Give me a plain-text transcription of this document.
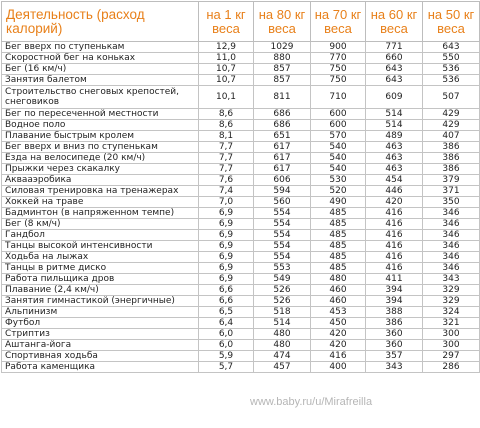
Деятельность (расход калорий)	на 1 кг веса	на 80 кг веса	на 70 кг веса	на 60 кг веса	на 50 кг веса
Бег вверх по ступенькам	12,9	1029	900	771	643
Скоростной бег на коньках	11,0	880	770	660	550
Бег (16 км/ч)	10,7	857	750	643	536
Занятия балетом	10,7	857	750	643	536
Строительство снеговых крепостей, снеговиков	10,1	811	710	609	507
Бег по пересеченной местности	8,6	686	600	514	429
Водное поло	8,6	686	600	514	429
Плавание быстрым кролем	8,1	651	570	489	407
Бег вверх и вниз по ступенькам	7,7	617	540	463	386
Езда на велосипеде (20 км/ч)	7,7	617	540	463	386
Прыжки через скакалку	7,7	617	540	463	386
Аквааэробика	7,6	606	530	454	379
Силовая тренировка на тренажерах	7,4	594	520	446	371
Хоккей на траве	7,0	560	490	420	350
Бадминтон (в напряженном темпе)	6,9	554	485	416	346
Бег (8 км/ч)	6,9	554	485	416	346
Гандбол	6,9	554	485	416	346
Танцы высокой интенсивности	6,9	554	485	416	346
Ходьба на лыжах	6,9	554	485	416	346
Танцы в ритме диско	6,9	553	485	416	346
Работа пильщика дров	6,9	549	480	411	343
Плавание (2,4 км/ч)	6,6	526	460	394	329
Занятия гимнастикой (энергичные)	6,6	526	460	394	329
Альпинизм	6,5	518	453	388	324
Футбол	6,4	514	450	386	321
Стриптиз	6,0	480	420	360	300
Аштанга-йога	6,0	480	420	360	300
Спортивная ходьба	5,9	474	416	357	297
Работа каменщика	5,7	457	400	343	286
www.baby.ru/u/Mirafreilla
